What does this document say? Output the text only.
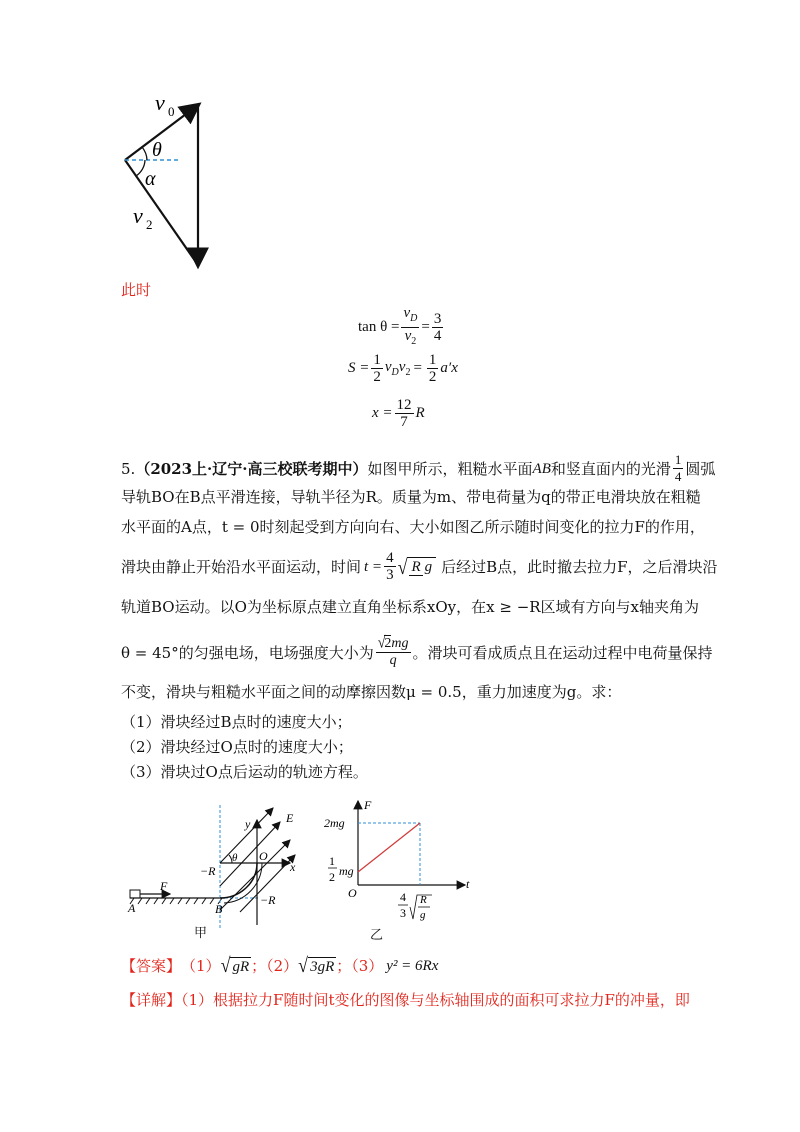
v 0
θ
α
v 2
此时
$\tan \theta = \frac{v_D}{v_2} = \frac{3}{4}$
$S = \frac{1}{2} v_Dv_2 = \frac{1}{2} a'x$
$x = \frac{12}{7}$ R
5. （2023上·辽宁·高三校联考期中） 如图甲所示，粗糙水平面 AB 和竖直面内的光滑 $\frac{1}{4}$ 圆弧
导轨BO在B点平滑连接，导轨半径为R。质量为m、带电荷量为q的带正电滑块放在粗糙
水平面的A点，t = 0时刻起受到方向向右、大小如图乙所示随时间变化的拉力F的作用，
滑块由静止开始沿水平面运动，时间 $t = \frac{4}{3}$ √ R g 后经过B点，此时撤去拉力F，之后滑块沿
轨道BO运动。以O为坐标原点建立直角坐标系xOy，在x ≥ −R区域有方向与x轴夹角为
θ = 45°的匀强电场，电场强度大小为 $\frac{√2mg}{q}$ 。滑块可看成质点且在运动过程中电荷量保持
不变，滑块与粗糙水平面之间的动摩擦因数μ = 0.5，重力加速度为g。求：
（1）滑块经过B点时的速度大小；
（2）滑块经过O点时的速度大小；
（3）滑块过O点后运动的轨迹方程。
y	E
−R
θ O
x
−R
F
A	B
甲
F
2mg
1
2 mg
O
t
4
3
R
g
乙
【答案】 （1） √ gR ；（2） √ 3gR ；（3） y² = 6Rx
【详解】（1）根据拉力F随时间t变化的图像与坐标轴围成的面积可求拉力F的冲量，即
